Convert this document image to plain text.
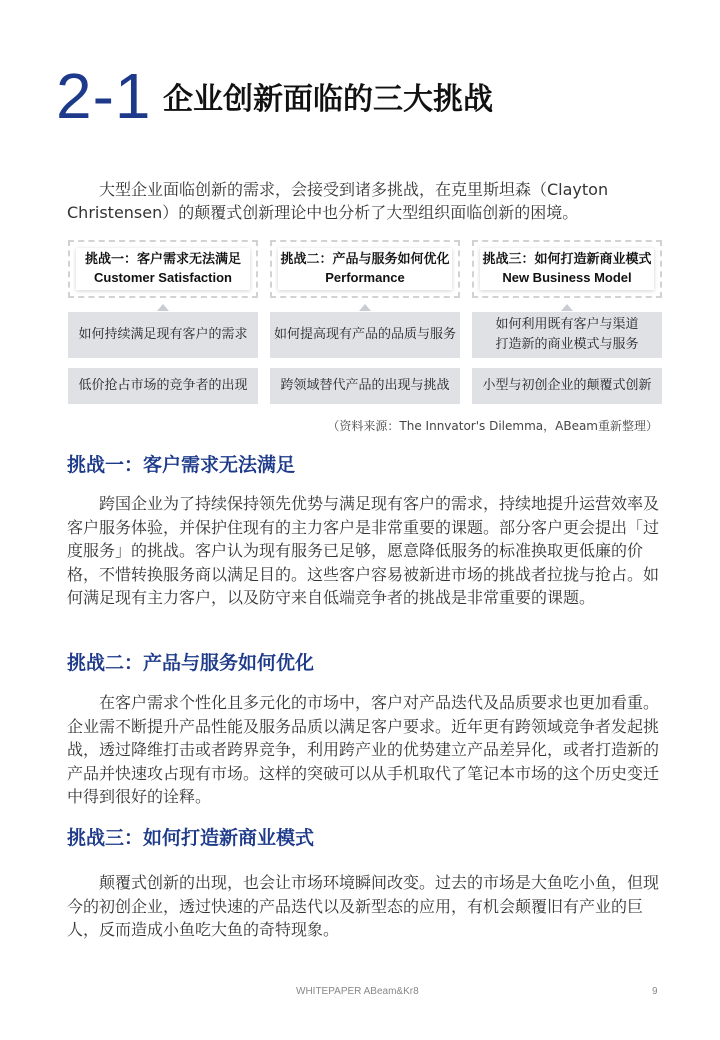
2-1 企业创新面临的三大挑战

大型企业面临创新的需求，会接受到诸多挑战，在克里斯坦森（Clayton Christensen）的颠覆式创新理论中也分析了大型组织面临创新的困境。

挑战一：客户需求无法满足
Customer Satisfaction
如何持续满足现有客户的需求
低价抢占市场的竞争者的出现
挑战二：产品与服务如何优化
Performance
如何提高现有产品的品质与服务
跨领域替代产品的出现与挑战
挑战三：如何打造新商业模式
New Business Model
如何利用既有客户与渠道
打造新的商业模式与服务
小型与初创企业的颠覆式创新
（资料来源：The Innvator's Dilemma，ABeam重新整理）
挑战一：客户需求无法满足

跨国企业为了持续保持领先优势与满足现有客户的需求，持续地提升运营效率及客户服务体验，并保护住现有的主力客户是非常重要的课题。部分客户更会提出「过度服务」的挑战。客户认为现有服务已足够，愿意降低服务的标准换取更低廉的价格，不惜转换服务商以满足目的。这些客户容易被新进市场的挑战者拉拢与抢占。如何满足现有主力客户，以及防守来自低端竞争者的挑战是非常重要的课题。

挑战二：产品与服务如何优化

在客户需求个性化且多元化的市场中，客户对产品迭代及品质要求也更加看重。企业需不断提升产品性能及服务品质以满足客户要求。近年更有跨领域竞争者发起挑战，透过降维打击或者跨界竞争，利用跨产业的优势建立产品差异化，或者打造新的产品并快速攻占现有市场。这样的突破可以从手机取代了笔记本市场的这个历史变迁中得到很好的诠释。

挑战三：如何打造新商业模式

颠覆式创新的出现，也会让市场环境瞬间改变。过去的市场是大鱼吃小鱼，但现今的初创企业，透过快速的产品迭代以及新型态的应用，有机会颠覆旧有产业的巨人，反而造成小鱼吃大鱼的奇特现象。

WHITEPAPER ABeam&Kr8	9
